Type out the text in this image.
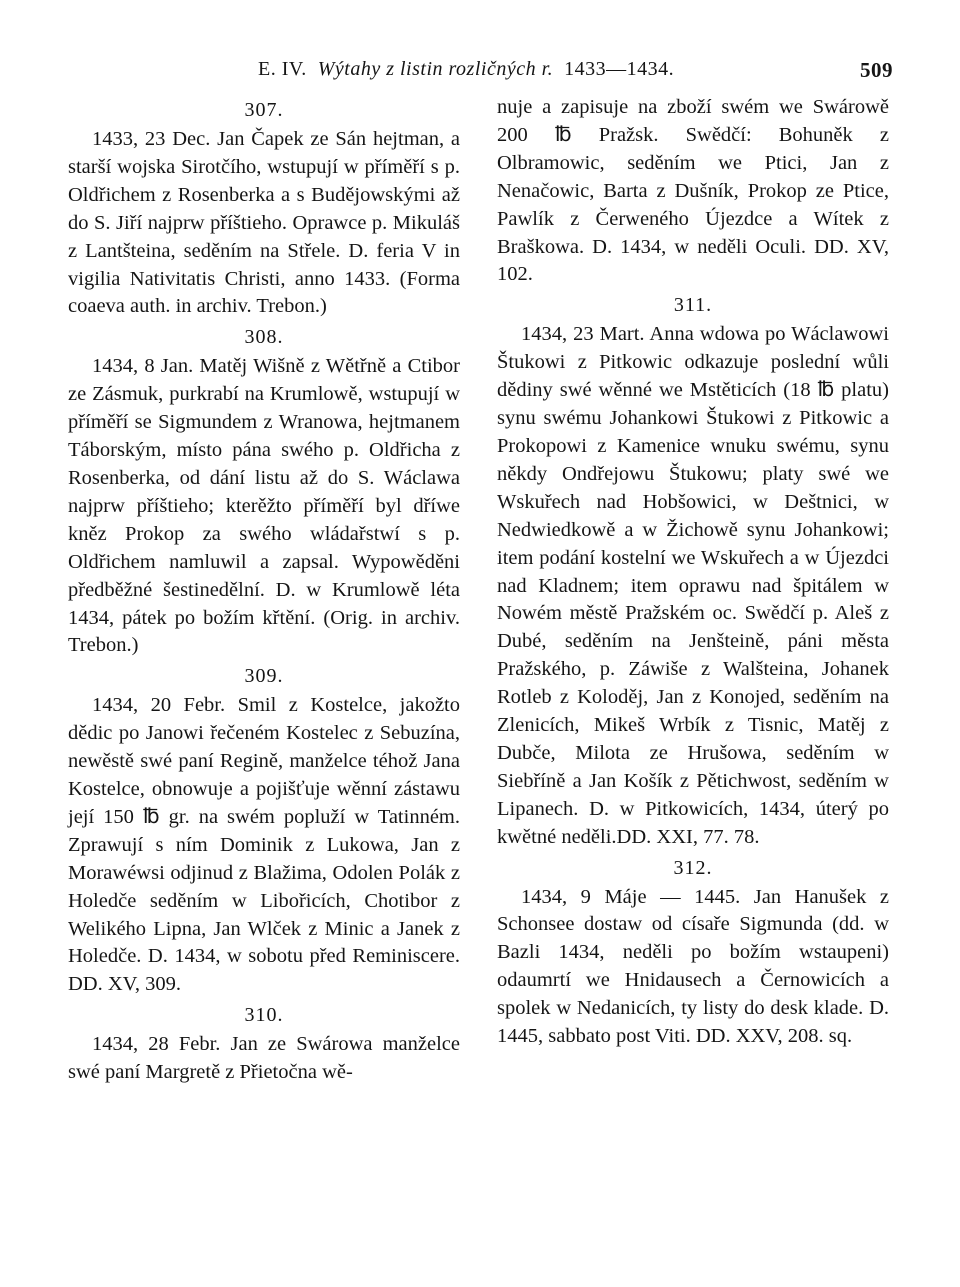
E. IV. Wýtahy z listin rozličných r. 1433—1434.	509
307.

1433, 23 Dec. Jan Čapek ze Sán hejtman, a starší wojska Sirotčího, wstupují w příměří s p. Oldřichem z Rosenberka a s Budějowskými až do S. Jiří najprw příštieho. Oprawce p. Mikuláš z Lantšteina, seděním na Střele. D. feria V in vigilia Nativitatis Christi, anno 1433. (Forma coaeva auth. in archiv. Trebon.)

308.

1434, 8 Jan. Matěj Wišně z Wětřně a Ctibor ze Zásmuk, purkrabí na Krumlowě, wstupují w příměří se Sigmundem z Wranowa, hejtmanem Táborským, místo pána swého p. Oldřicha z Rosenberka, od dání listu až do S. Wáclawa najprw příštieho; kterěžto příměří byl dříwe kněz Prokop za swého wládařstwí s p. Oldřichem namluwil a zapsal. Wypowěděni předběžné šestinedělní. D. w Krumlowě léta 1434, pátek po božím křtění. (Orig. in archiv. Trebon.)

309.

1434, 20 Febr. Smil z Kostelce, jakožto dědic po Janowi řečeném Kostelec z Sebuzína, newěstě swé paní Regině, manželce téhož Jana Kostelce, obnowuje a pojišťuje wěnní zástawu její 150 ℔ gr. na swém popluží w Tatinném. Zprawují s ním Dominik z Lukowa, Jan z Morawéwsi odjinud z Blažima, Odolen Polák z Holedče seděním w Libořicích, Chotibor z Welikého Lipna, Jan Wlček z Minic a Janek z Holedče. D. 1434, w sobotu před Reminiscere. DD. XV, 309.

310.

1434, 28 Febr. Jan ze Swárowa manželce swé paní Margretě z Přietočna wě-

nuje a zapisuje na zboží swém we Swárowě 200 ℔ Pražsk. Swědčí: Bohuněk z Olbramowic, seděním we Ptici, Jan z Nenačowic, Barta z Dušník, Prokop ze Ptice, Pawlík z Čerweného Újezdce a Wítek z Braškowa. D. 1434, w neděli Oculi. DD. XV, 102.

311.

1434, 23 Mart. Anna wdowa po Wáclawowi Štukowi z Pitkowic odkazuje poslední wůli dědiny swé wěnné we Mstěticích (18 ℔ platu) synu swému Johankowi Štukowi z Pitkowic a Prokopowi z Kamenice wnuku swému, synu někdy Ondřejowu Štukowu; platy swé we Wskuřech nad Hobšowici, w Deštnici, w Nedwiedkowě a w Žichowě synu Johankowi; item podání kostelní we Wskuřech a w Újezdci nad Kladnem; item oprawu nad špitálem w Nowém městě Pražském oc. Swědčí p. Aleš z Dubé, seděním na Jenšteině, páni města Pražského, p. Záwiše z Walšteina, Johanek Rotleb z Koloděj, Jan z Konojed, seděním na Zlenicích, Mikeš Wrbík z Tisnic, Matěj z Dubče, Milota ze Hrušowa, seděním w Siebříně a Jan Košík z Pětichwost, seděním w Lipanech. D. w Pitkowicích, 1434, úterý po kwětné neděli.DD. XXI, 77. 78.

312.

1434, 9 Máje — 1445. Jan Hanušek z Schonsee dostaw od císaře Sigmunda (dd. w Bazli 1434, neděli po božím wstaupeni) odaumrtí we Hnidausech a Černowicích a spolek w Nedanicích, ty listy do desk klade. D. 1445, sabbato post Viti. DD. XXV, 208. sq.
